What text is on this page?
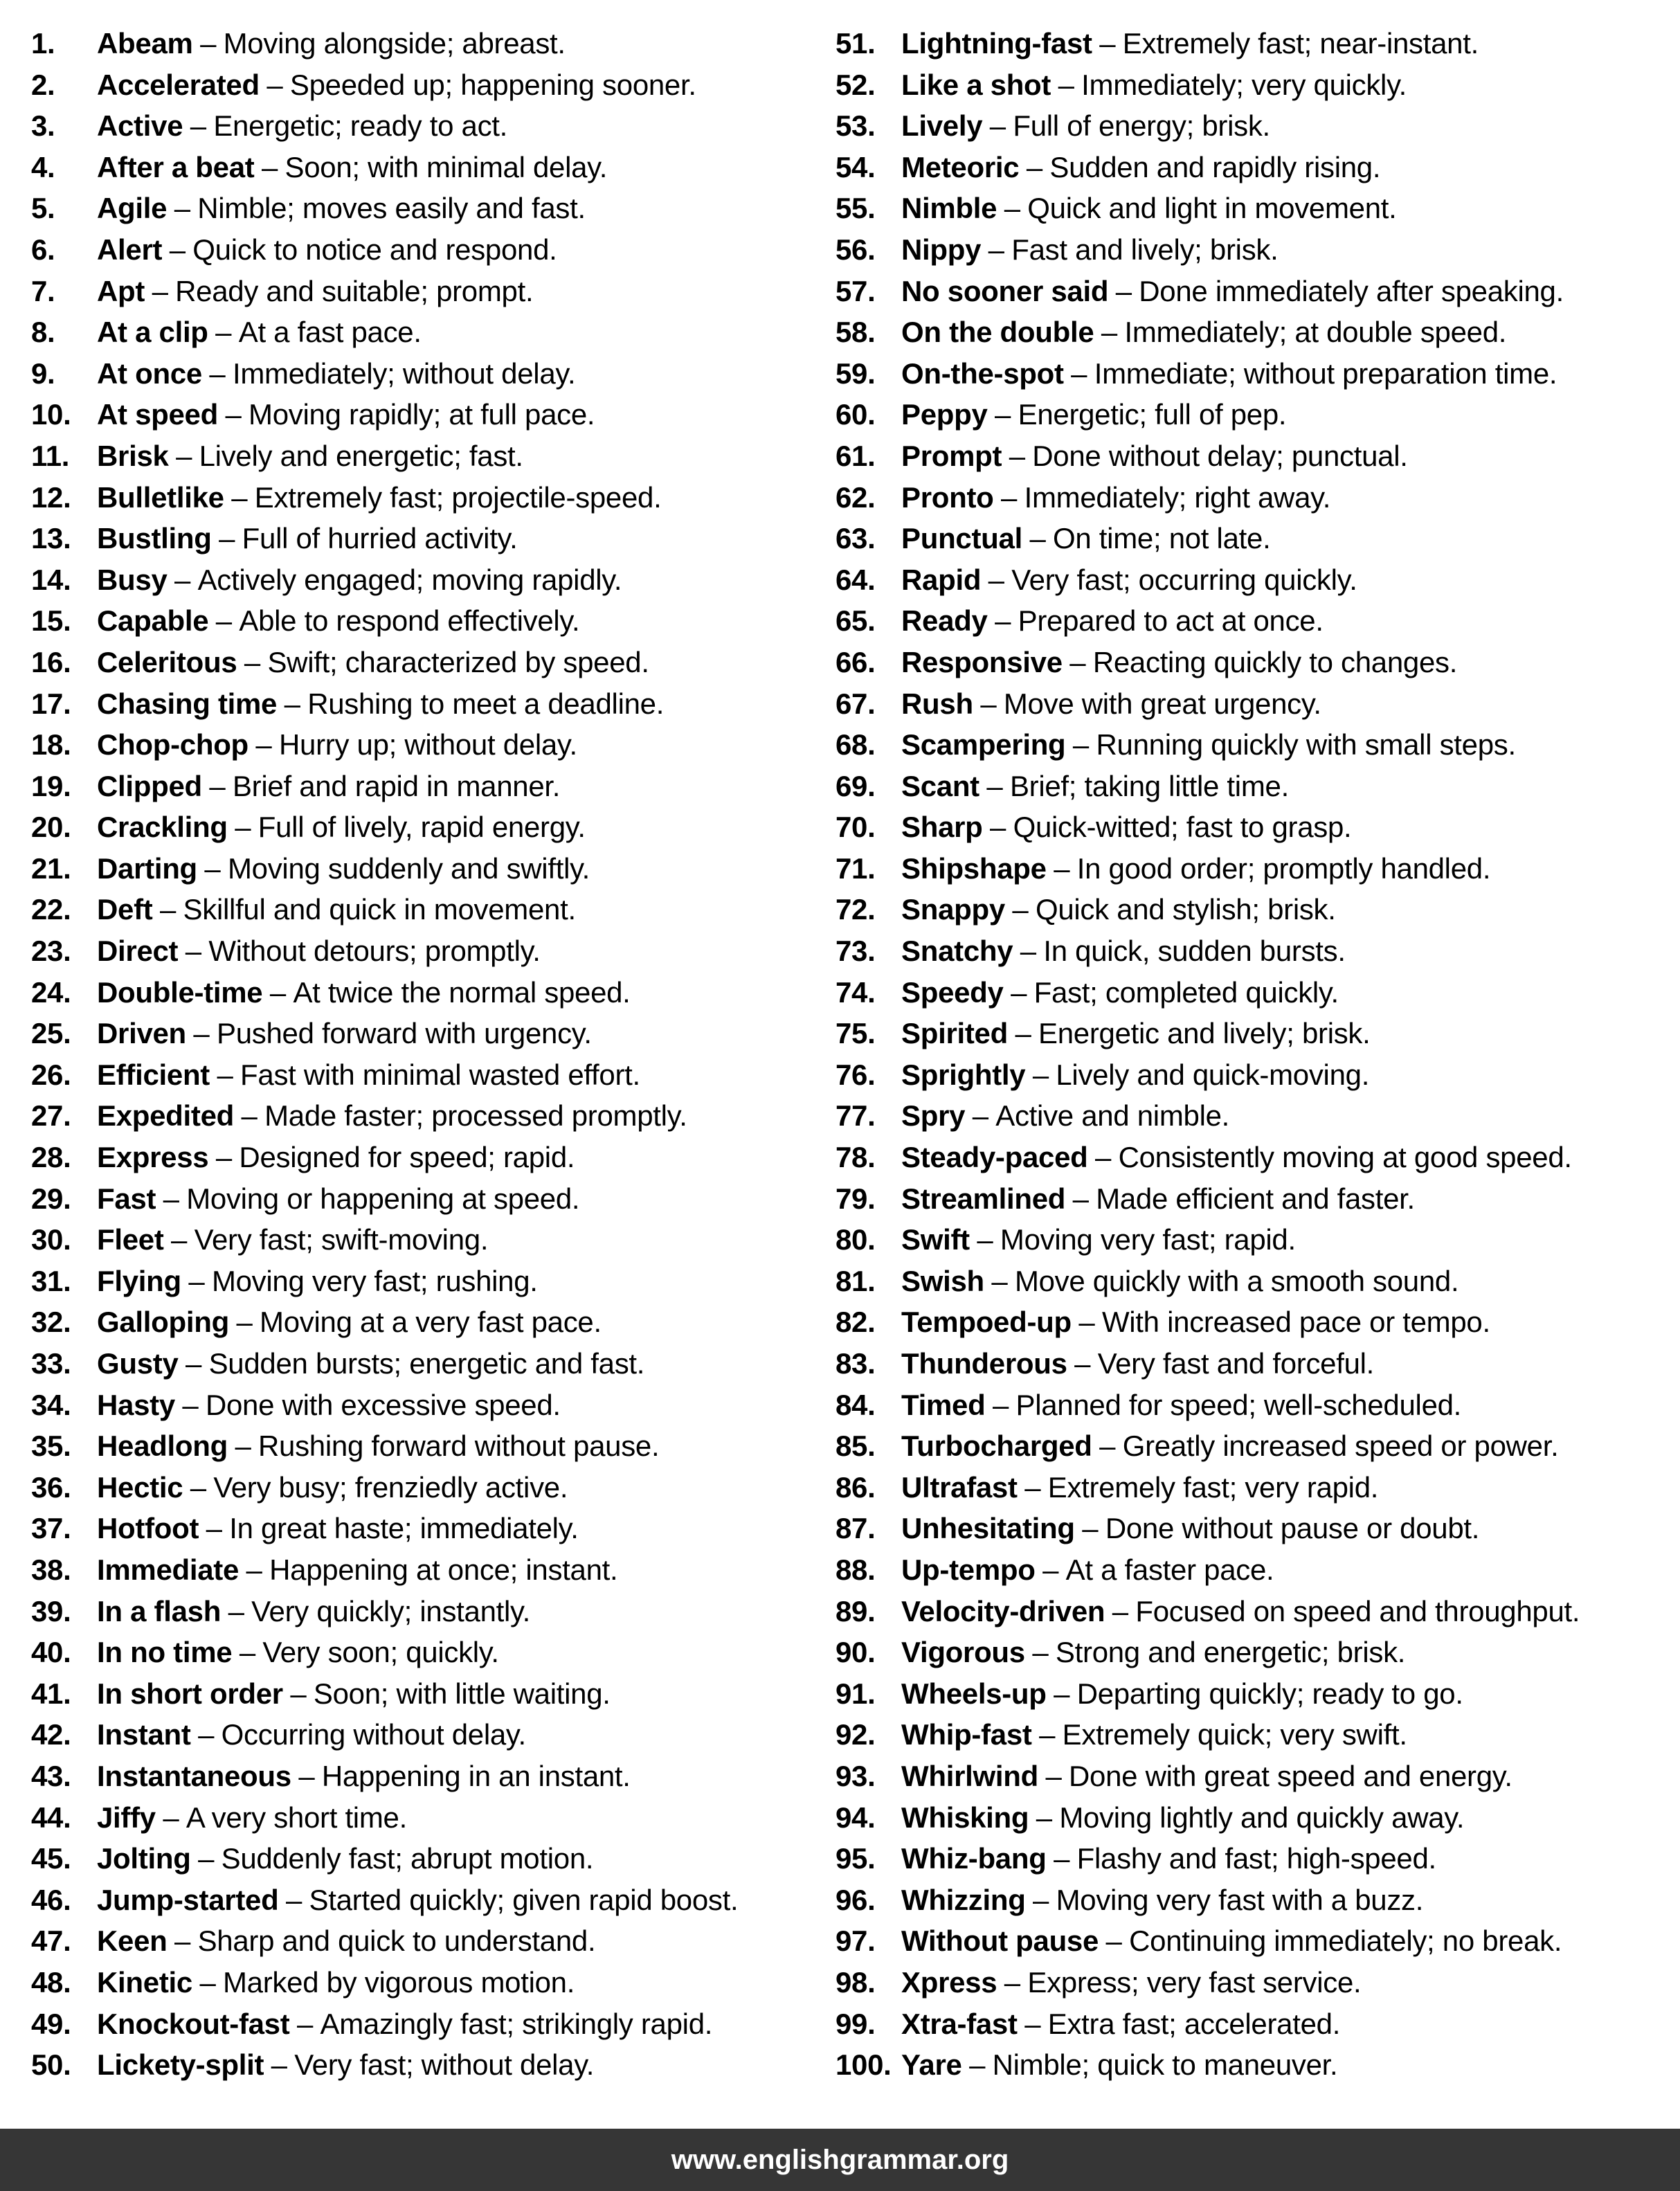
1.	Abeam – Moving alongside; abreast.
2.	Accelerated – Speeded up; happening sooner.
3.	Active – Energetic; ready to act.
4.	After a beat – Soon; with minimal delay.
5.	Agile – Nimble; moves easily and fast.
6.	Alert – Quick to notice and respond.
7.	Apt – Ready and suitable; prompt.
8.	At a clip – At a fast pace.
9.	At once – Immediately; without delay.
10. At speed – Moving rapidly; at full pace.
11. Brisk – Lively and energetic; fast.
12. Bulletlike – Extremely fast; projectile-speed.
13. Bustling – Full of hurried activity.
14. Busy – Actively engaged; moving rapidly.
15. Capable – Able to respond effectively.
16. Celeritous – Swift; characterized by speed.
17. Chasing time – Rushing to meet a deadline.
18. Chop-chop – Hurry up; without delay.
19. Clipped – Brief and rapid in manner.
20. Crackling – Full of lively, rapid energy.
21. Darting – Moving suddenly and swiftly.
22. Deft – Skillful and quick in movement.
23. Direct – Without detours; promptly.
24. Double-time – At twice the normal speed.
25. Driven – Pushed forward with urgency.
26. Efficient – Fast with minimal wasted effort.
27. Expedited – Made faster; processed promptly.
28. Express – Designed for speed; rapid.
29. Fast – Moving or happening at speed.
30. Fleet – Very fast; swift-moving.
31. Flying – Moving very fast; rushing.
32. Galloping – Moving at a very fast pace.
33. Gusty – Sudden bursts; energetic and fast.
34. Hasty – Done with excessive speed.
35. Headlong – Rushing forward without pause.
36. Hectic – Very busy; frenziedly active.
37. Hotfoot – In great haste; immediately.
38. Immediate – Happening at once; instant.
39. In a flash – Very quickly; instantly.
40. In no time – Very soon; quickly.
41. In short order – Soon; with little waiting.
42. Instant – Occurring without delay.
43. Instantaneous – Happening in an instant.
44. Jiffy – A very short time.
45. Jolting – Suddenly fast; abrupt motion.
46. Jump-started – Started quickly; given rapid boost.
47. Keen – Sharp and quick to understand.
48. Kinetic – Marked by vigorous motion.
49. Knockout-fast – Amazingly fast; strikingly rapid.
50. Lickety-split – Very fast; without delay.
51. Lightning-fast – Extremely fast; near-instant.
52. Like a shot – Immediately; very quickly.
53. Lively – Full of energy; brisk.
54. Meteoric – Sudden and rapidly rising.
55. Nimble – Quick and light in movement.
56. Nippy – Fast and lively; brisk.
57. No sooner said – Done immediately after speaking.
58. On the double – Immediately; at double speed.
59. On-the-spot – Immediate; without preparation time.
60. Peppy – Energetic; full of pep.
61. Prompt – Done without delay; punctual.
62. Pronto – Immediately; right away.
63. Punctual – On time; not late.
64. Rapid – Very fast; occurring quickly.
65. Ready – Prepared to act at once.
66. Responsive – Reacting quickly to changes.
67. Rush – Move with great urgency.
68. Scampering – Running quickly with small steps.
69. Scant – Brief; taking little time.
70. Sharp – Quick-witted; fast to grasp.
71. Shipshape – In good order; promptly handled.
72. Snappy – Quick and stylish; brisk.
73. Snatchy – In quick, sudden bursts.
74. Speedy – Fast; completed quickly.
75. Spirited – Energetic and lively; brisk.
76. Sprightly – Lively and quick-moving.
77. Spry – Active and nimble.
78. Steady-paced – Consistently moving at good speed.
79. Streamlined – Made efficient and faster.
80. Swift – Moving very fast; rapid.
81. Swish – Move quickly with a smooth sound.
82. Tempoed-up – With increased pace or tempo.
83. Thunderous – Very fast and forceful.
84. Timed – Planned for speed; well-scheduled.
85. Turbocharged – Greatly increased speed or power.
86. Ultrafast – Extremely fast; very rapid.
87. Unhesitating – Done without pause or doubt.
88. Up-tempo – At a faster pace.
89. Velocity-driven – Focused on speed and throughput.
90. Vigorous – Strong and energetic; brisk.
91. Wheels-up – Departing quickly; ready to go.
92. Whip-fast – Extremely quick; very swift.
93. Whirlwind – Done with great speed and energy.
94. Whisking – Moving lightly and quickly away.
95. Whiz-bang – Flashy and fast; high-speed.
96. Whizzing – Moving very fast with a buzz.
97. Without pause – Continuing immediately; no break.
98. Xpress – Express; very fast service.
99. Xtra-fast – Extra fast; accelerated.
100. Yare – Nimble; quick to maneuver.
www.englishgrammar.org
